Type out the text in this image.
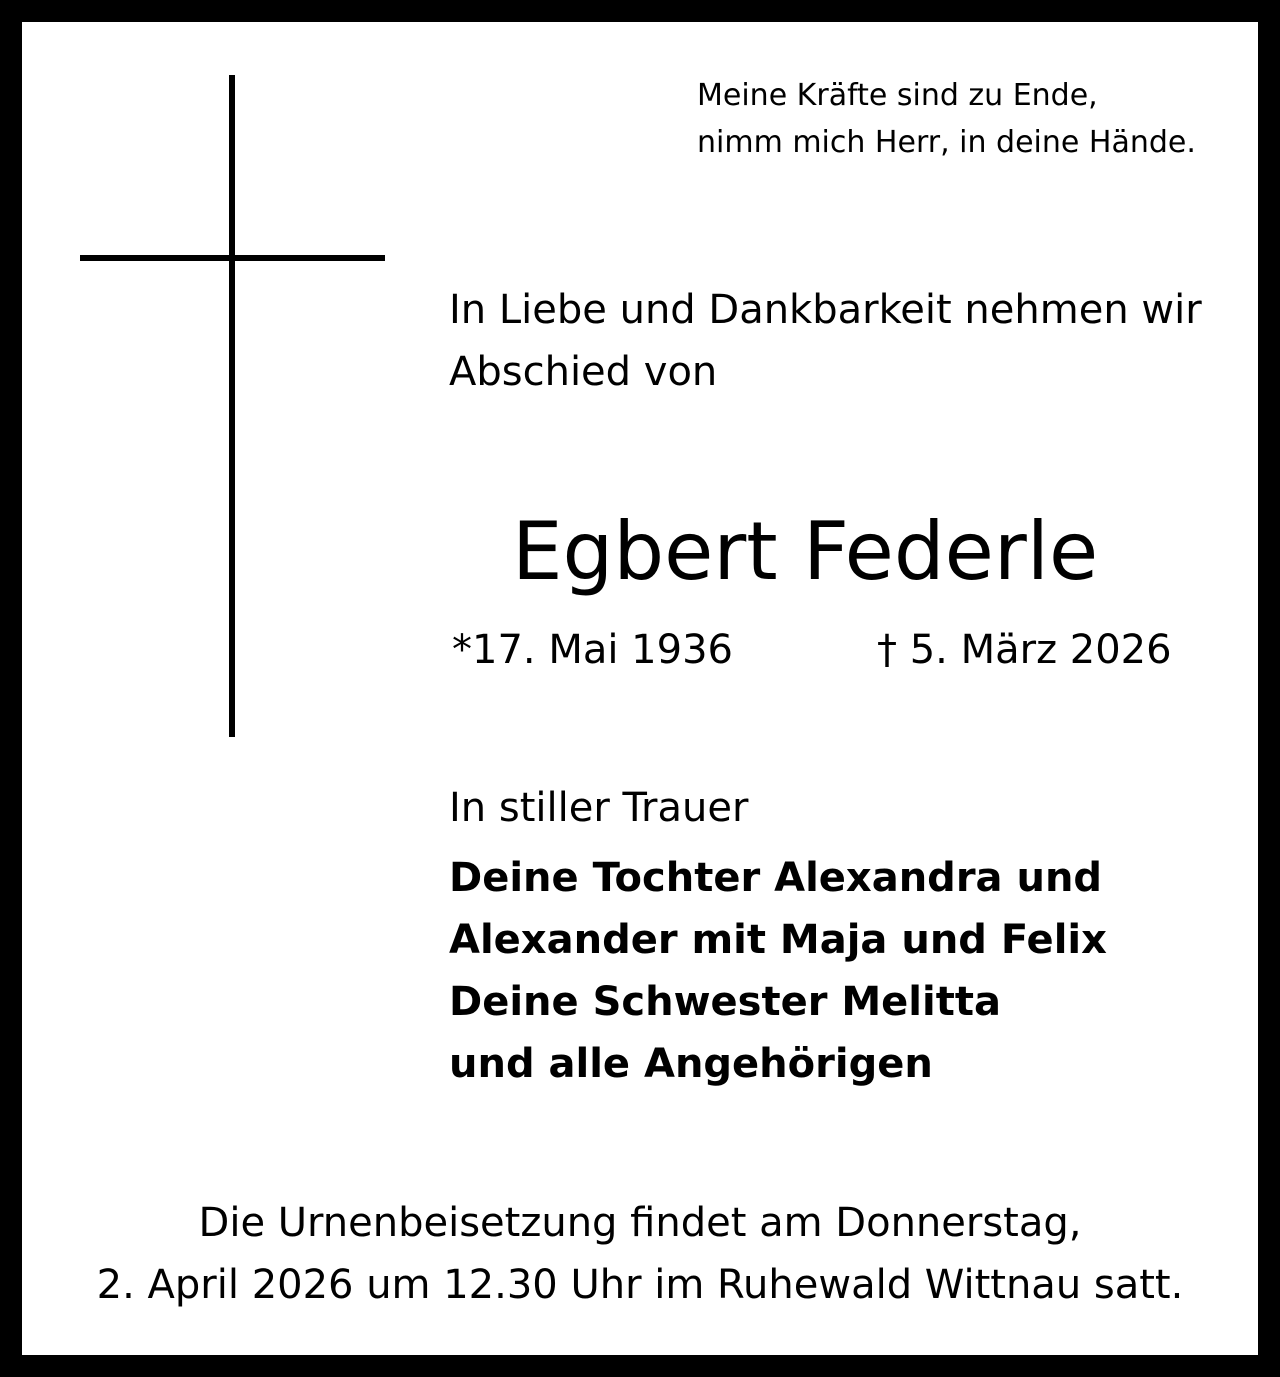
Meine Kräfte sind zu Ende,
nimm mich Herr, in deine Hände.
In Liebe und Dankbarkeit nehmen wir
Abschied von
Egbert Federle
*17. Mai 1936	† 5. März 2026
In stiller Trauer
Deine Tochter Alexandra und
Alexander mit Maja und Felix
Deine Schwester Melitta
und alle Angehörigen
Die Urnenbeisetzung findet am Donnerstag,
2. April 2026 um 12.30 Uhr im Ruhewald Wittnau satt.
